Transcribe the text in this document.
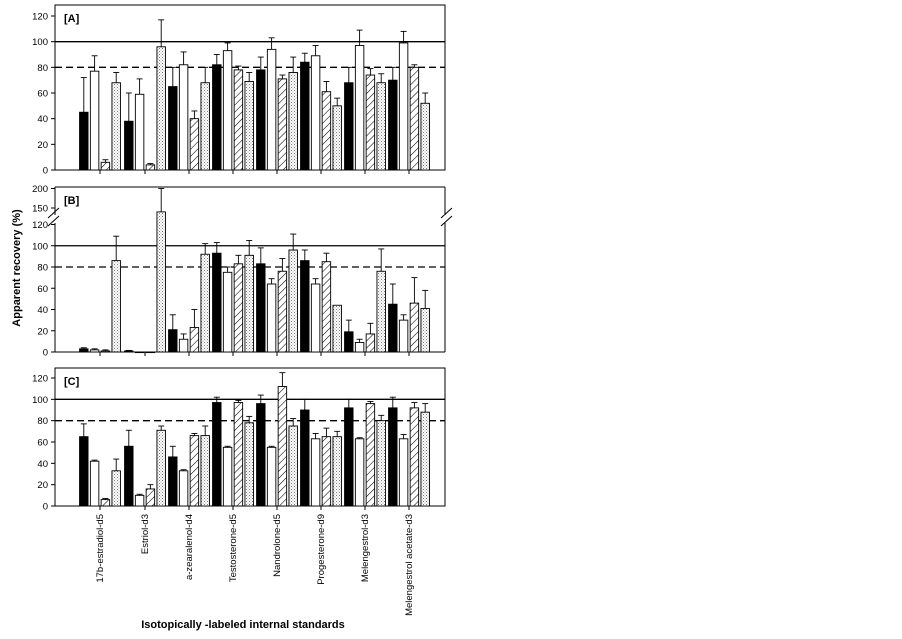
[A]
0
20
40
60
80
100
120
[B]
0
20
40
60
80
100
120
150
200
[C]
0
20
40
60
80
100
120
17b-estradiol-d5	Estriol-d3	a-zearalenol-d4	Testosterone-d5	Nandrolone-d5	Progesterone-d9	Melengestrol-d3	Melengestrol acetate-d3
Apparent recovery (%)
Isotopically -labeled internal standards
